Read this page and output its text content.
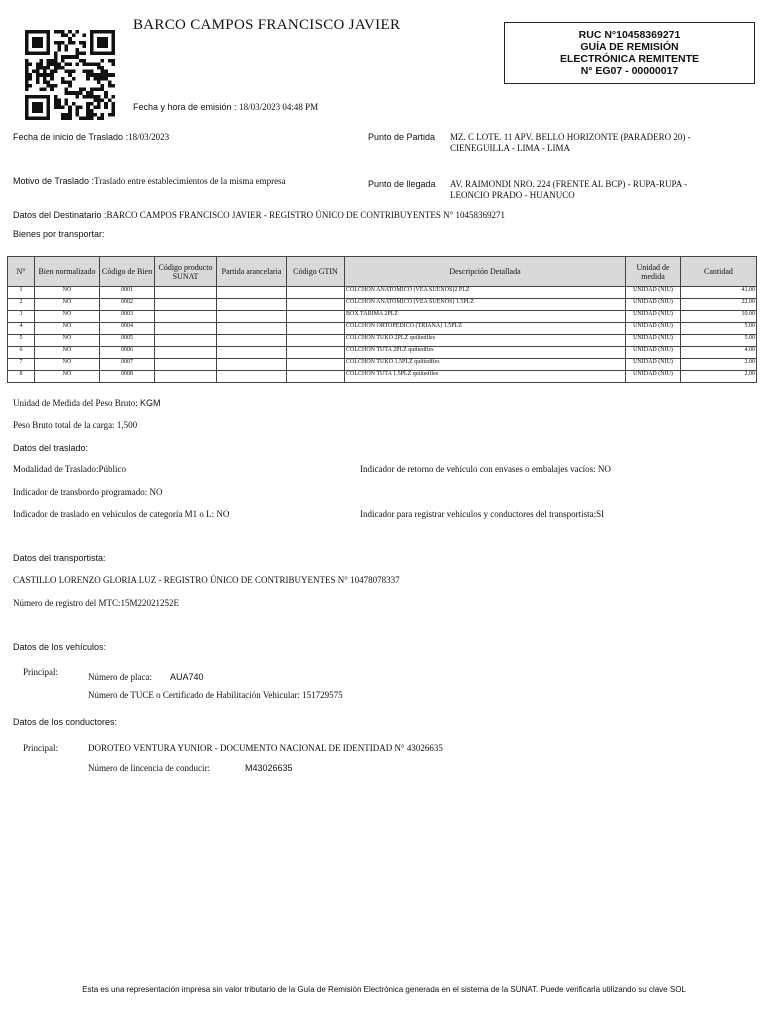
BARCO CAMPOS FRANCISCO JAVIER
Fecha y hora de emisión : 18/03/2023 04:48 PM
RUC N°10458369271
GUÍA DE REMISIÓN
ELECTRÓNICA REMITENTE
N° EG07 - 00000017
Fecha de inicio de Traslado :18/03/2023	Punto de Partida	MZ. C LOTE. 11 APV. BELLO HORIZONTE (PARADERO 20) -
CIENEGUILLA - LIMA - LIMA
Motivo de Traslado :Traslado entre establecimientos de la misma empresa	Punto de llegada AV. RAIMONDI NRO. 224 (FRENTE AL BCP) - RUPA-RUPA -
LEONCIO PRADO - HUANUCO
Datos del Destinatario :BARCO CAMPOS FRANCISCO JAVIER - REGISTRO ÚNICO DE CONTRIBUYENTES N° 10458369271
Bienes por transportar:
N°	Bien normalizado	Código de Bien	Código producto SUNAT	Partida arancelaria	Código GTIN	Descripción Detallada	Unidad de medida	Cantidad
1	NO	0001				COLCHON ANATOMICO (VEA SUEÑOS)2 PLZ	UNIDAD (NIU)	41.00
2	NO	0002				COLCHON ANATOMICO (VEA SUEÑOS) 1.5PLZ	UNIDAD (NIU)	22.00
3	NO	0003				BOX TARIMA 2PLZ	UNIDAD (NIU)	10.00
4	NO	0004				COLCHON ORTOPEDICO (TRIANA) 1.5PLZ	UNIDAD (NIU)	5.00
5	NO	0005				COLCHON TUKO 2PLZ quiltedfles	UNIDAD (NIU)	5.00
6	NO	0006				COLCHON TUTA 2PLZ quiltedfles	UNIDAD (NIU)	4.00
7	NO	0007				COLCHON TUKO 1.5PLZ quiltedfles	UNIDAD (NIU)	2.00
8	NO	0008				COLCHON TUTA 1.5PLZ quiltedfles	UNIDAD (NIU)	2.00
Unidad de Medida del Peso Bruto: KGM
Peso Bruto total de la carga: 1,500
Datos del traslado:
Modalidad de Traslado:Público	Indicador de retorno de vehículo con envases o embalajes vacíos: NO
Indicador de transbordo programado: NO
Indicador de traslado en vehículos de categoría M1 o L: NO	Indicador para registrar vehículos y conductores del transportista:SI
Datos del transportista:
CASTILLO LORENZO GLORIA LUZ - REGISTRO ÚNICO DE CONTRIBUYENTES N° 10478078337
Número de registro del MTC:15M22021252E
Datos de los vehículos:
Principal:	Número de placa: AUA740
Número de TUCE o Certificado de Habilitación Vehicular: 151729575
Datos de los conductores:
Principal:	DOROTEO VENTURA YUNIOR - DOCUMENTO NACIONAL DE IDENTIDAD N° 43026635
Número de lincencia de conducir:	M43026635
Esta es una representación impresa sin valor tributario de la Guía de Remisión Electrónica generada en el sistema de la SUNAT. Puede verificarla utilizando su clave SOL
